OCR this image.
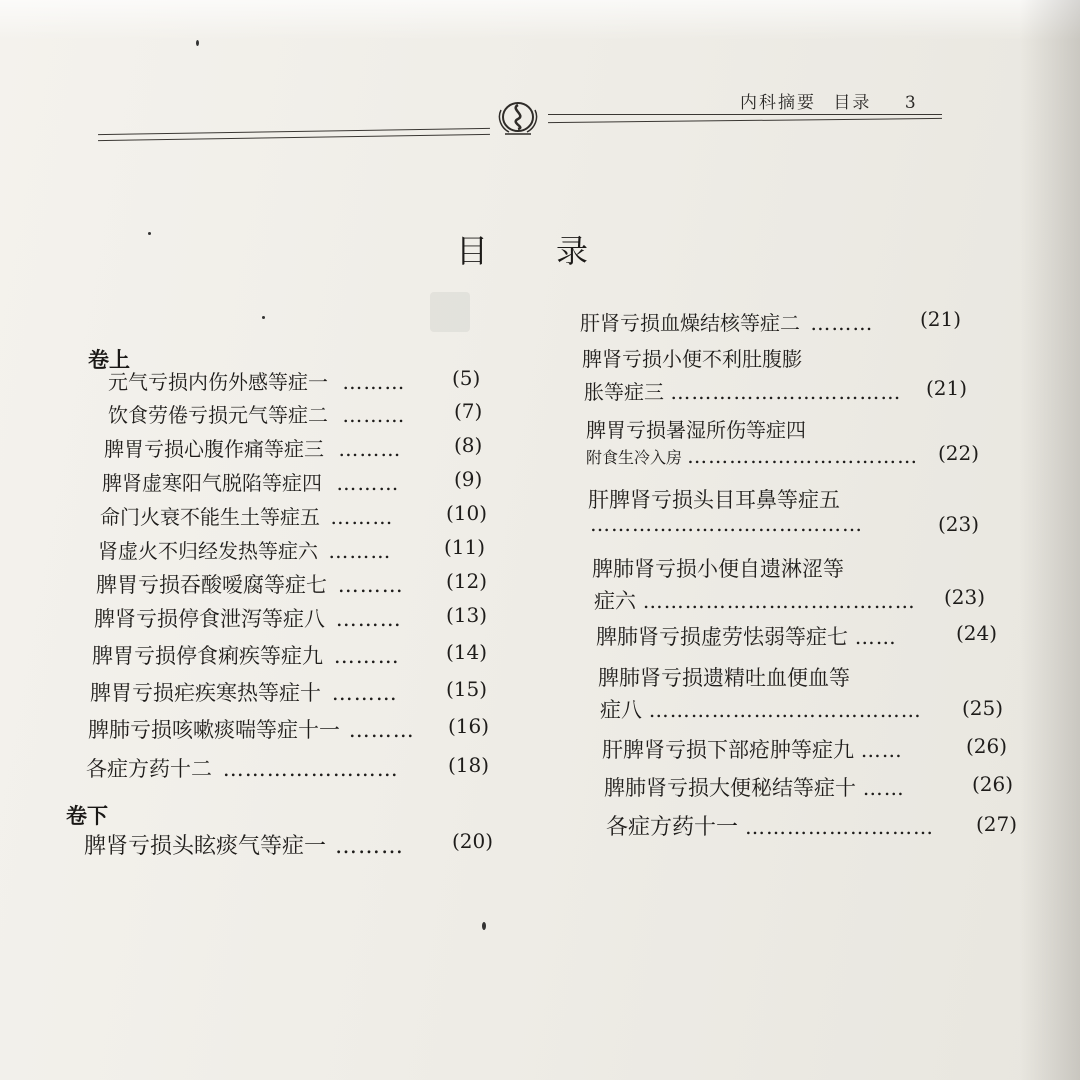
内科摘要 目录 3
目 录
卷上
元气亏损内伤外感等症一 ……… (5)
饮食劳倦亏损元气等症二 ……… (7)
脾胃亏损心腹作痛等症三 ………	(8)
脾肾虚寒阳气脱陷等症四 ………	(9)
命门火衰不能生土等症五 ………	(10)
肾虚火不归经发热等症六 ………	(11)
脾胃亏损吞酸嗳腐等症七 ……… (12)
脾肾亏损停食泄泻等症八 ……… (13)
脾胃亏损停食痢疾等症九 ……… (14)
脾胃亏损疟疾寒热等症十 ……… (15)
脾肺亏损咳嗽痰喘等症十一 ……… (16)
各症方药十二 …………………… (18)
卷下
脾肾亏损头眩痰气等症一 ……… (20)
肝肾亏损血燥结核等症二 ……… (21)
脾肾亏损小便不利肚腹膨
胀等症三 …………………………… (21)
脾胃亏损暑湿所伤等症四
附食生冷入房 …………………………… (22)
肝脾肾亏损头目耳鼻等症五
…………………………………	(23)
脾肺肾亏损小便自遗淋涩等
症六 ………………………………… (23)
脾肺肾亏损虚劳怯弱等症七 ……	(24)
脾肺肾亏损遗精吐血便血等
症八 ………………………………… (25)
肝脾肾亏损下部疮肿等症九 ……	(26)
脾肺肾亏损大便秘结等症十 ……	(26)
各症方药十一 ……………………… (27)
